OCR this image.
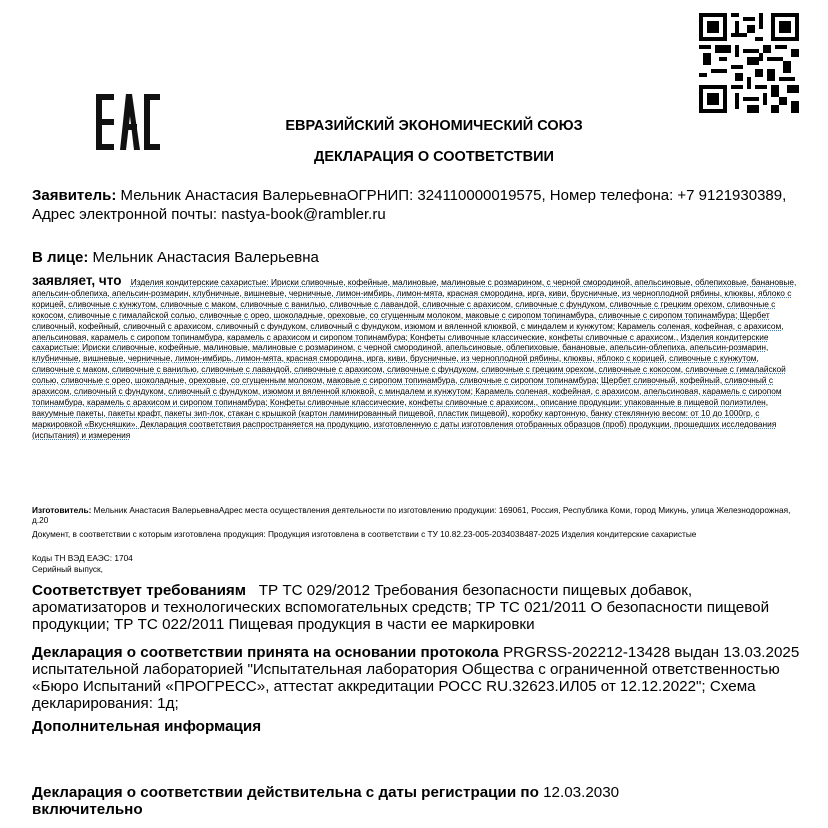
ЕВРАЗИЙСКИЙ ЭКОНОМИЧЕСКИЙ СОЮЗ
ДЕКЛАРАЦИЯ О СООТВЕТСТВИИ
Заявитель: Мельник Анастасия ВалерьевнаОГРНИП: 324110000019575, Номер телефона: +7 9121930389, Адрес электронной почты: nastya-book@rambler.ru
В лице: Мельник Анастасия Валерьевна
заявляет, что Изделия кондитерские сахаристые: Ириски сливочные, кофейные, малиновые, малиновые с розмарином, с черной смородиной, апельсиновые, облепиховые, банановые, апельсин-облепиха, апельсин-розмарин, клубничные, вишневые, черничные, лимон-имбирь, лимон-мята, красная смородина, ирга, киви, брусничные, из черноплодной рябины, клюквы, яблоко с корицей, сливочные с кунжутом, сливочные с маком, сливочные с ванилью, сливочные с лавандой, сливочные с арахисом, сливочные с фундуком, сливочные с грецким орехом, сливочные с кокосом, сливочные с гималайской солью, сливочные с орео, шоколадные, ореховые, со сгущенным молоком, маковые с сиропом топинамбура, сливочные с сиропом топинамбура; Щербет сливочный, кофейный, сливочный с арахисом, сливочный с фундуком, сливочный с фундуком, изюмом и вяленной клюквой, с миндалем и кунжутом; Карамель соленая, кофейная, с арахисом, апельсиновая, карамель с сиропом топинамбура, карамель с арахисом и сиропом топинамбура; Конфеты сливочные классические, конфеты сливочные с арахисом., Изделия кондитерские сахаристые: Ириски сливочные, кофейные, малиновые, малиновые с розмарином, с черной смородиной, апельсиновые, облепиховые, банановые, апельсин-облепиха, апельсин-розмарин, клубничные, вишневые, черничные, лимон-имбирь, лимон-мята, красная смородина, ирга, киви, брусничные, из черноплодной рябины, клюквы, яблоко с корицей, сливочные с кунжутом, сливочные с маком, сливочные с ванилью, сливочные с лавандой, сливочные с арахисом, сливочные с фундуком, сливочные с грецким орехом, сливочные с кокосом, сливочные с гималайской солью, сливочные с орео, шоколадные, ореховые, со сгущенным молоком, маковые с сиропом топинамбура, сливочные с сиропом топинамбура; Щербет сливочный, кофейный, сливочный с арахисом, сливочный с фундуком, сливочный с фундуком, изюмом и вяленной клюквой, с миндалем и кунжутом; Карамель соленая, кофейная, с арахисом, апельсиновая, карамель с сиропом топинамбура, карамель с арахисом и сиропом топинамбура; Конфеты сливочные классические, конфеты сливочные с арахисом., описание продукции: упакованные в пищевой полиэтилен, вакуумные пакеты, пакеты крафт, пакеты зип-лок, стакан с крышкой (картон ламинированный пищевой, пластик пищевой), коробку картонную, банку стеклянную весом: от 10 до 1000гр, с маркировкой «Вкусняшки». Декларация соответствия распространяется на продукцию, изготовленную с даты изготовления отобранных образцов (проб) продукции, прошедших исследования (испытания) и измерения
Изготовитель: Мельник Анастасия ВалерьевнаАдрес места осуществления деятельности по изготовлению продукции: 169061, Россия, Республика Коми, город Микунь, улица Железнодорожная, д.20
Документ, в соответствии с которым изготовлена продукция: Продукция изготовлена в соответствии с ТУ 10.82.23-005-2034038487-2025 Изделия кондитерские сахаристые
Коды ТН ВЭД ЕАЭС: 1704
Серийный выпуск,
Соответствует требованиям ТР ТС 029/2012 Требования безопасности пищевых добавок, ароматизаторов и технологических вспомогательных средств; ТР ТС 021/2011 О безопасности пищевой продукции; ТР ТС 022/2011 Пищевая продукция в части ее маркировки
Декларация о соответствии принята на основании протокола PRGRSS-202212-13428 выдан 13.03.2025 испытательной лабораторией "Испытательная лаборатория Общества с ограниченной ответственностью «Бюро Испытаний «ПРОГРЕСС», аттестат аккредитации РОСС RU.32623.ИЛ05 от 12.12.2022"; Схема декларирования: 1д;
Дополнительная информация
Декларация о соответствии действительна с даты регистрации по 12.03.2030
включительно
